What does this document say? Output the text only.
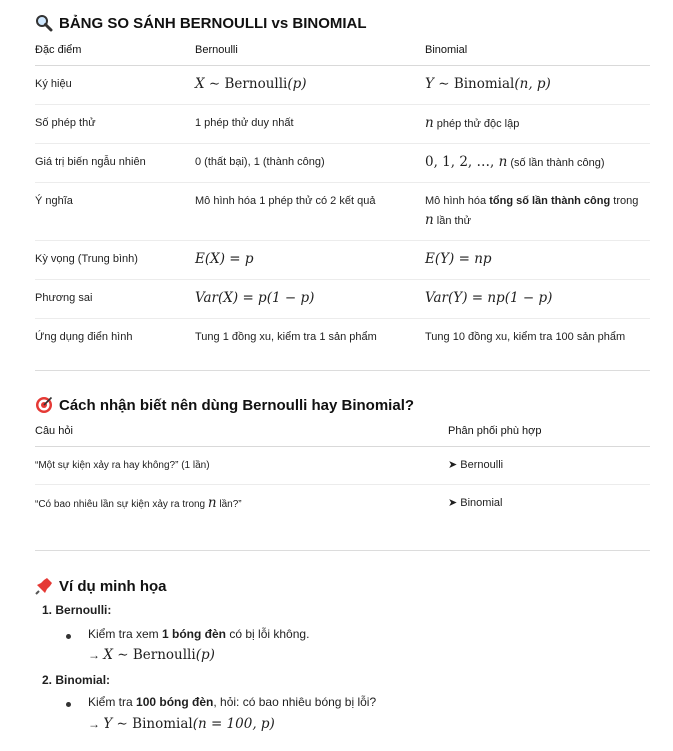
BẢNG SO SÁNH BERNOULLI vs BINOMIAL
Đặc điểm	Bernoulli	Binomial
Ký hiệu	X ∼ Bernoulli(p)	Y ∼ Binomial(n, p)
Số phép thử	1 phép thử duy nhất	n phép thử độc lập
Giá trị biến ngẫu nhiên	0 (thất bại), 1 (thành công)	0, 1, 2, …, n (số lần thành công)
Ý nghĩa	Mô hình hóa 1 phép thử có 2 kết quả	Mô hình hóa tổng số lần thành công trong
n lần thử
Kỳ vọng (Trung bình)	E(X) = p	E(Y) = np
Phương sai	Var(X) = p(1 − p)	Var(Y) = np(1 − p)
Ứng dụng điển hình	Tung 1 đồng xu, kiểm tra 1 sản phẩm	Tung 10 đồng xu, kiểm tra 100 sản phẩm
Cách nhận biết nên dùng Bernoulli hay Binomial?
Câu hỏi	Phân phối phù hợp
“Một sự kiện xảy ra hay không?” (1 lần)	➤ Bernoulli
“Có bao nhiêu lần sự kiện xảy ra trong n lần?”	➤ Binomial
Ví dụ minh họa
1. Bernoulli:
Kiểm tra xem 1 bóng đèn có bị lỗi không.
→ X ∼ Bernoulli(p)
2. Binomial:
Kiểm tra 100 bóng đèn, hỏi: có bao nhiêu bóng bị lỗi?
→ Y ∼ Binomial(n = 100, p)
